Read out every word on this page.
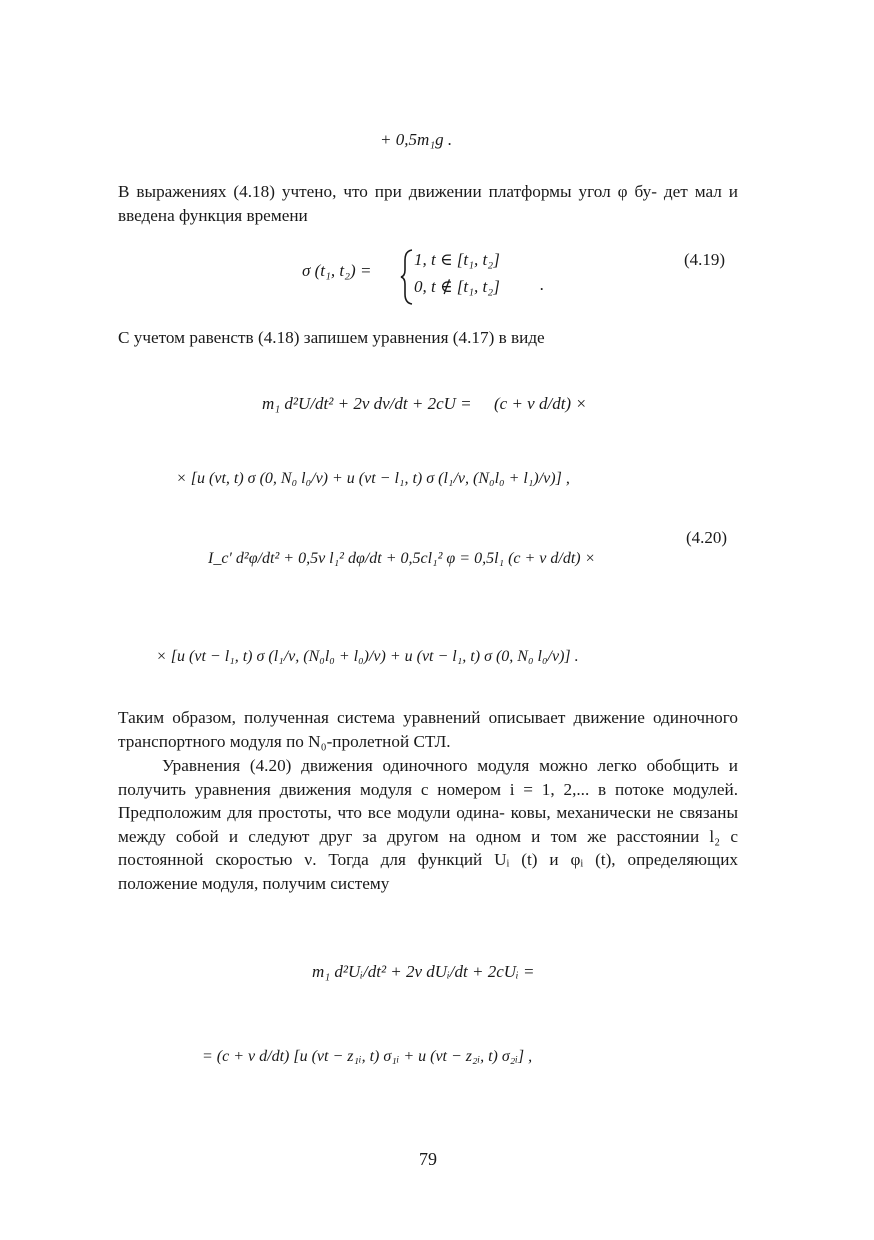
+ 0,5m₁g .
В выражениях (4.18) учтено, что при движении платформы угол φ бу- дет мал и введена функция времени
σ (t₁, t₂) =
1, t ∈ [t₁, t₂]
0, t ∉ [t₁, t₂] .
(4.19)
С учетом равенств (4.18) запишем уравнения (4.17) в виде
m₁ d²U/dt² + 2ν dν/dt + 2cU = (c + ν d/dt) ×
× [u (νt, t) σ (0, N₀ l₀/ν) + u (νt − l₁, t) σ (l₁/ν, (N₀l₀ + l₁)/ν)] ,
I_c′ d²φ/dt² + 0,5ν l₁² dφ/dt + 0,5cl₁² φ = 0,5l₁ (c + ν d/dt) ×
(4.20)
× [u (νt − l₁, t) σ (l₁/ν, (N₀l₀ + l₀)/ν) + u (νt − l₁, t) σ (0, N₀ l₀/ν)] .
Таким образом, полученная система уравнений описывает движение одиночного транспортного модуля по N₀-пролетной СТЛ.
Уравнения (4.20) движения одиночного модуля можно легко обобщить и получить уравнения движения модуля с номером i = 1, 2,... в потоке модулей. Предположим для простоты, что все модули одина- ковы, механически не связаны между собой и следуют друг за другом на одном и том же расстоянии l₂ с постоянной скоростью ν. Тогда для функций Uᵢ (t) и φᵢ (t), определяющих положение модуля, получим систему
m₁ d²Uᵢ/dt² + 2ν dUᵢ/dt + 2cUᵢ =
= (c + ν d/dt) [u (νt − z₁ᵢ, t) σ₁ᵢ + u (νt − z₂ᵢ, t) σ₂ᵢ] ,
79
